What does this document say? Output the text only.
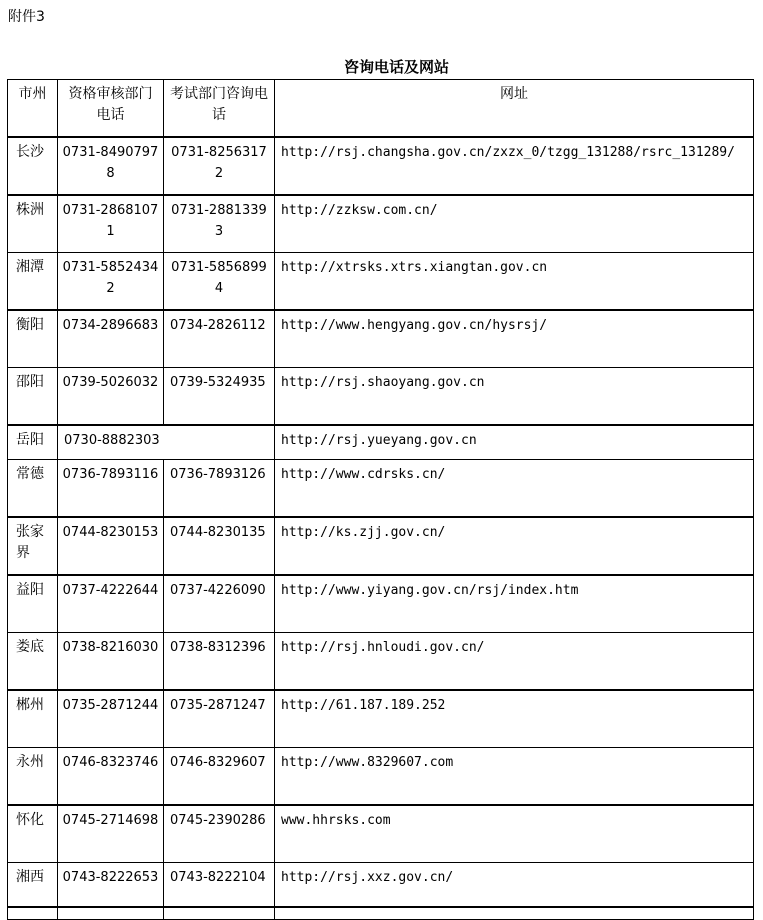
附件3
咨询电话及网站
市州	资格审核部门电话	考试部门咨询电话	网址
长沙	0731-84907978	0731-82563172	http://rsj.changsha.gov.cn/zxzx_0/tzgg_131288/rsrc_131289/
株洲	0731-28681071	0731-28813393	http://zzksw.com.cn/
湘潭	0731-58524342	0731-58568994	http://xtrsks.xtrs.xiangtan.gov.cn
衡阳	0734-2896683	0734-2826112	http://www.hengyang.gov.cn/hysrsj/
邵阳	0739-5026032	0739-5324935	http://rsj.shaoyang.gov.cn
岳阳	0730-8882303		http://rsj.yueyang.gov.cn
常德	0736-7893116	0736-7893126	http://www.cdrsks.cn/
张家界	0744-8230153	0744-8230135	http://ks.zjj.gov.cn/
益阳	0737-4222644	0737-4226090	http://www.yiyang.gov.cn/rsj/index.htm
娄底	0738-8216030	0738-8312396	http://rsj.hnloudi.gov.cn/
郴州	0735-2871244	0735-2871247	http://61.187.189.252
永州	0746-8323746	0746-8329607	http://www.8329607.com
怀化	0745-2714698	0745-2390286	www.hhrsks.com
湘西	0743-8222653	0743-8222104	http://rsj.xxz.gov.cn/
